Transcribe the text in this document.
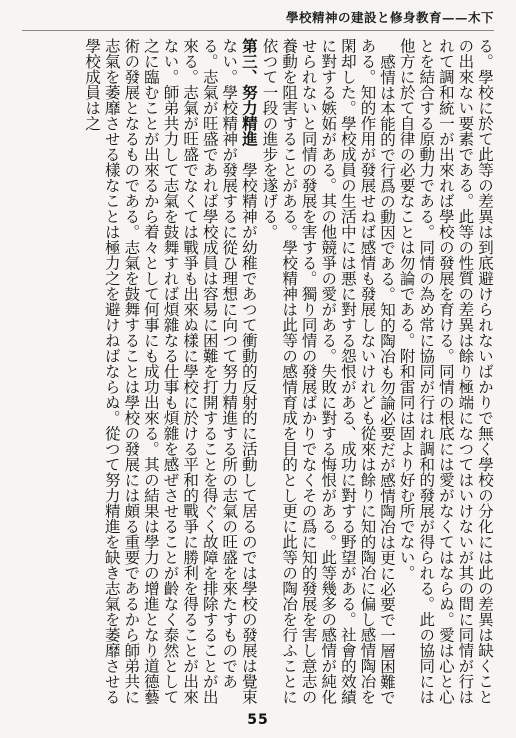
學校精神の建設と修身教育——木下

る。學校に於て此等の差異は到底避けられないばかりで無く學校の分化には此の差異は缺くことの出來ない要素である。此等の性質の差異は餘り極端になつてはいけないが其の間に同情が行はれて調和統一が出來れば學校の發展を育ける。同情の根底には愛がなくてはならぬ。愛は心と心とを結合する原動力である。同情の為め常に協同が行はれ調和的發展が得られる。此の協同には他方に於て自律の必要なことは勿論である。附和雷同は固より好む所でない。

感情は本能的で行爲の動因である。知的陶冶も勿論必要だが感情陶冶は更に必要で一層困難である。知的作用が發展せねば感情も發展しないけれども從來は餘りに知的陶冶に偏し感情陶冶を閑却した。學校成員の生活中には悪に對する怨恨がある、成功に對する野望がある。社會的效績に對する嫉妬がある。其の他競爭の愛がある。失敗に對する悔恨がある。此等幾多の感情が純化せられないと同情の發展を害する。獨り同情の發展ばかりでなくその爲に知的發展を害し意志の養動を阻害することがある。學校精神は此等の感情育成を目的とし更に此等の陶冶を行ふことに依つて一段の進步を遂げる。

第三、努力精進　學校精神が幼稚であつて衝動的反射的に活動して居るのでは學校の發展は覺束ない。學校精神が發展するに從ひ理想に向つて努力精進する所の志氣の旺盛を來たすものである。志氣が旺盛であれば學校成員は容易に困難を打開することを得ぐく故障を排除することが出來る。志氣が旺盛でなくては戰爭も出來ぬ樣に學校に於ける平和的戰爭に勝利を得ることが出來ない。師弟共力して志氣を鼓舞すれば煩雜なる仕事も煩雜を感ぜさせることが齡なく泰然として之に臨むことが出來るから着々として何事にも成功出來る。其の結果は學力の增進となり道德藝術の發展となるものである。志氣を鼓舞することは學校の發展には頗る重要であるから師弟共に志氣を萎靡させる樣なことは極力之を避けねばならぬ。從つて努力精進を缺き志氣を萎靡させる學校成員は之

55
